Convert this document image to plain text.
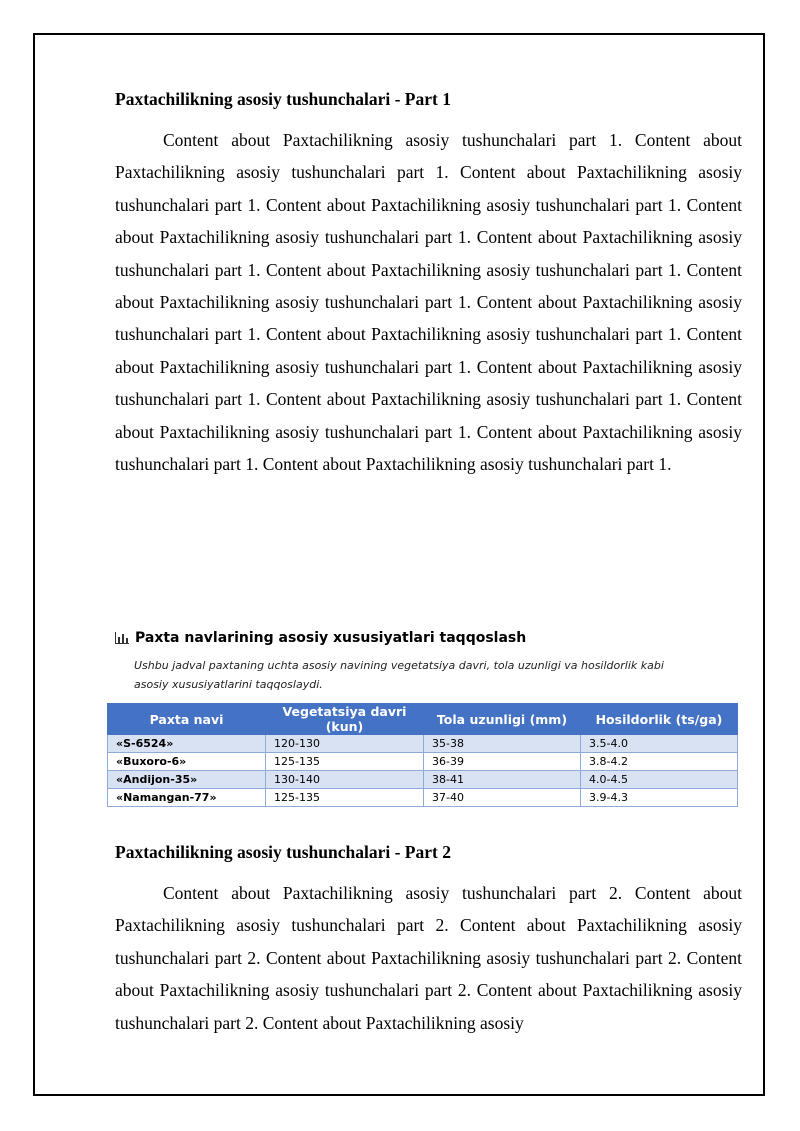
Paxtachilikning asosiy tushunchalari - Part 1

Content about Paxtachilikning asosiy tushunchalari part 1. Content about Paxtachilikning asosiy tushunchalari part 1. Content about Paxtachilikning asosiy tushunchalari part 1. Content about Paxtachilikning asosiy tushunchalari part 1. Content about Paxtachilikning asosiy tushunchalari part 1. Content about Paxtachilikning asosiy tushunchalari part 1. Content about Paxtachilikning asosiy tushunchalari part 1. Content about Paxtachilikning asosiy tushunchalari part 1. Content about Paxtachilikning asosiy tushunchalari part 1. Content about Paxtachilikning asosiy tushunchalari part 1. Content about Paxtachilikning asosiy tushunchalari part 1. Content about Paxtachilikning asosiy tushunchalari part 1. Content about Paxtachilikning asosiy tushunchalari part 1. Content about Paxtachilikning asosiy tushunchalari part 1. Content about Paxtachilikning asosiy tushunchalari part 1. Content about Paxtachilikning asosiy tushunchalari part 1.

Paxta navlarining asosiy xususiyatlari taqqoslash

Ushbu jadval paxtaning uchta asosiy navining vegetatsiya davri, tola uzunligi va hosildorlik kabi asosiy xususiyatlarini taqqoslaydi.

Paxta navi	Vegetatsiya davri (kun)	Tola uzunligi (mm)	Hosildorlik (ts/ga)
«S-6524»	120-130	35-38	3.5-4.0
«Buxoro-6»	125-135	36-39	3.8-4.2
«Andijon-35»	130-140	38-41	4.0-4.5
«Namangan-77»	125-135	37-40	3.9-4.3
Paxtachilikning asosiy tushunchalari - Part 2

Content about Paxtachilikning asosiy tushunchalari part 2. Content about Paxtachilikning asosiy tushunchalari part 2. Content about Paxtachilikning asosiy tushunchalari part 2. Content about Paxtachilikning asosiy tushunchalari part 2. Content about Paxtachilikning asosiy tushunchalari part 2. Content about Paxtachilikning asosiy tushunchalari part 2. Content about Paxtachilikning asosiy
